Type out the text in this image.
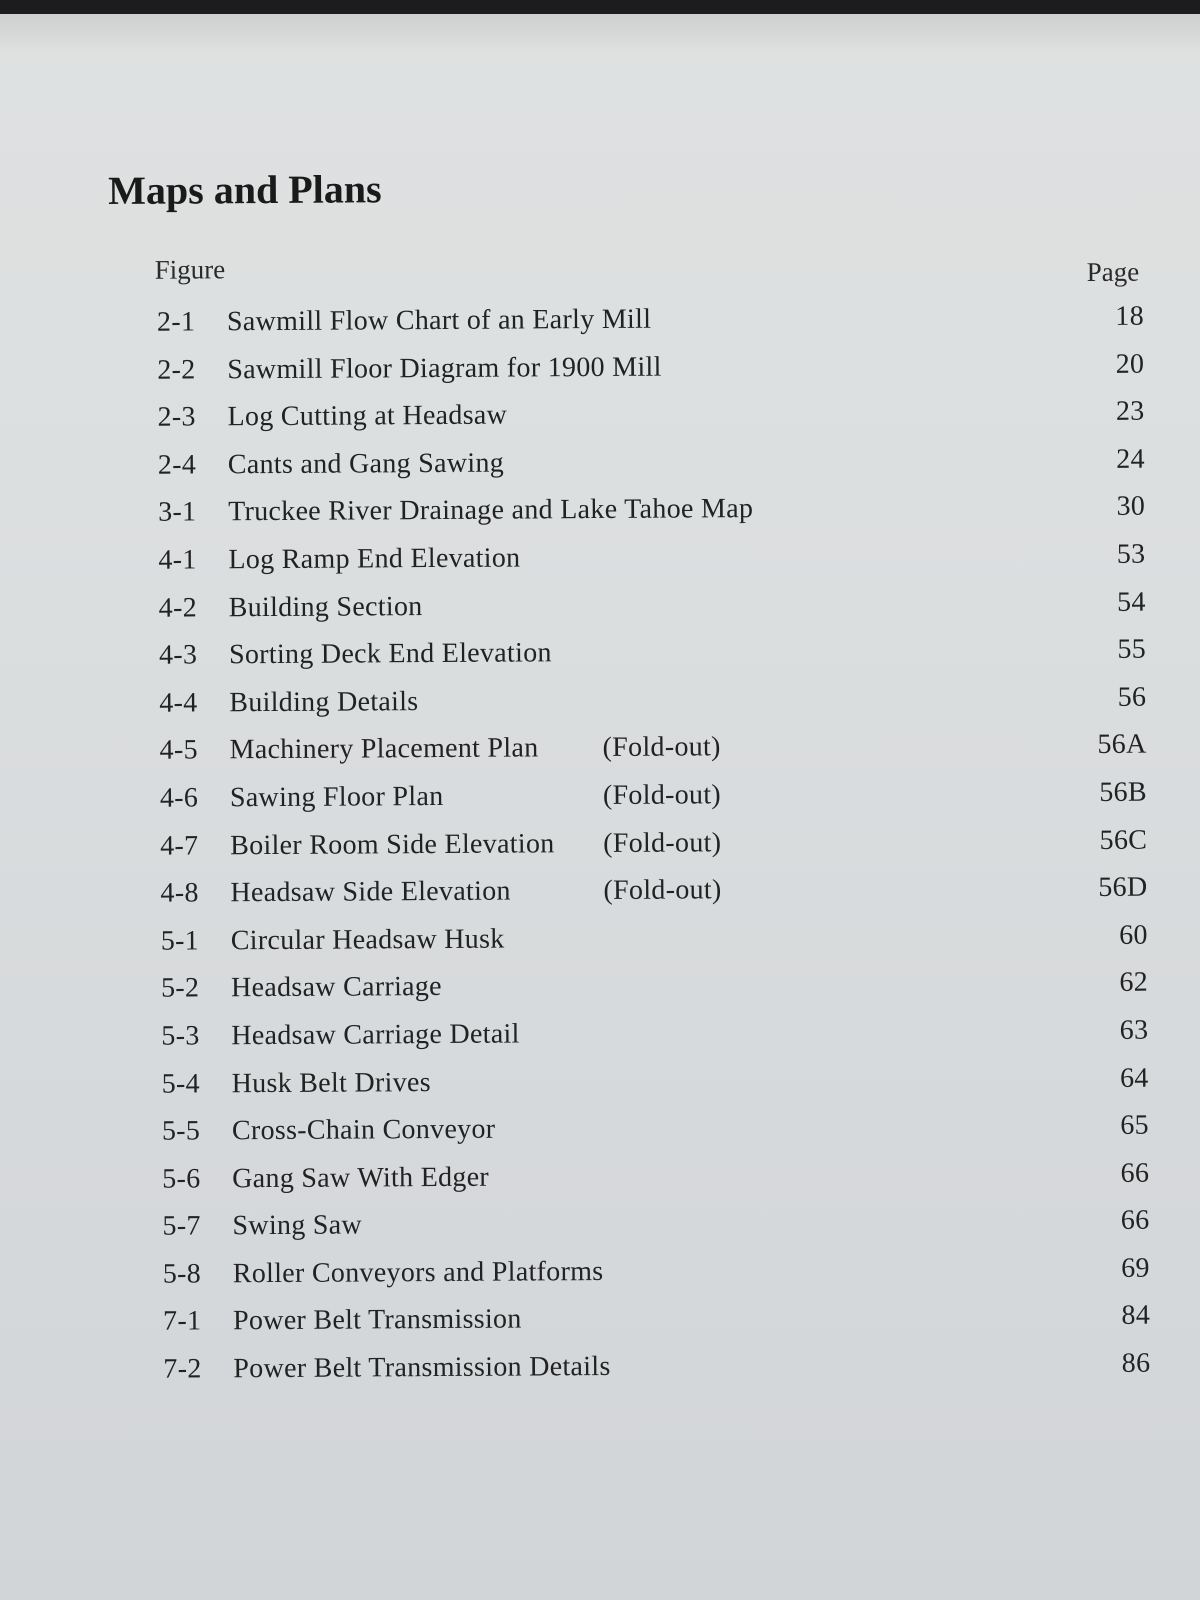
Maps and Plans
Figure	Page
2-1 Sawmill Flow Chart of an Early Mill	18
2-2 Sawmill Floor Diagram for 1900 Mill	20
2-3 Log Cutting at Headsaw	23
2-4 Cants and Gang Sawing	24
3-1 Truckee River Drainage and Lake Tahoe Map	30
4-1 Log Ramp End Elevation	53
4-2 Building Section	54
4-3 Sorting Deck End Elevation	55
4-4 Building Details	56
4-5 Machinery Placement Plan (Fold-out)	56A
4-6 Sawing Floor Plan	(Fold-out)	56B
4-7 Boiler Room Side Elevation (Fold-out)	56C
4-8 Headsaw Side Elevation	(Fold-out)	56D
5-1 Circular Headsaw Husk	60
5-2 Headsaw Carriage	62
5-3 Headsaw Carriage Detail	63
5-4 Husk Belt Drives	64
5-5 Cross-Chain Conveyor	65
5-6 Gang Saw With Edger	66
5-7 Swing Saw	66
5-8 Roller Conveyors and Platforms	69
7-1 Power Belt Transmission	84
7-2 Power Belt Transmission Details	86
